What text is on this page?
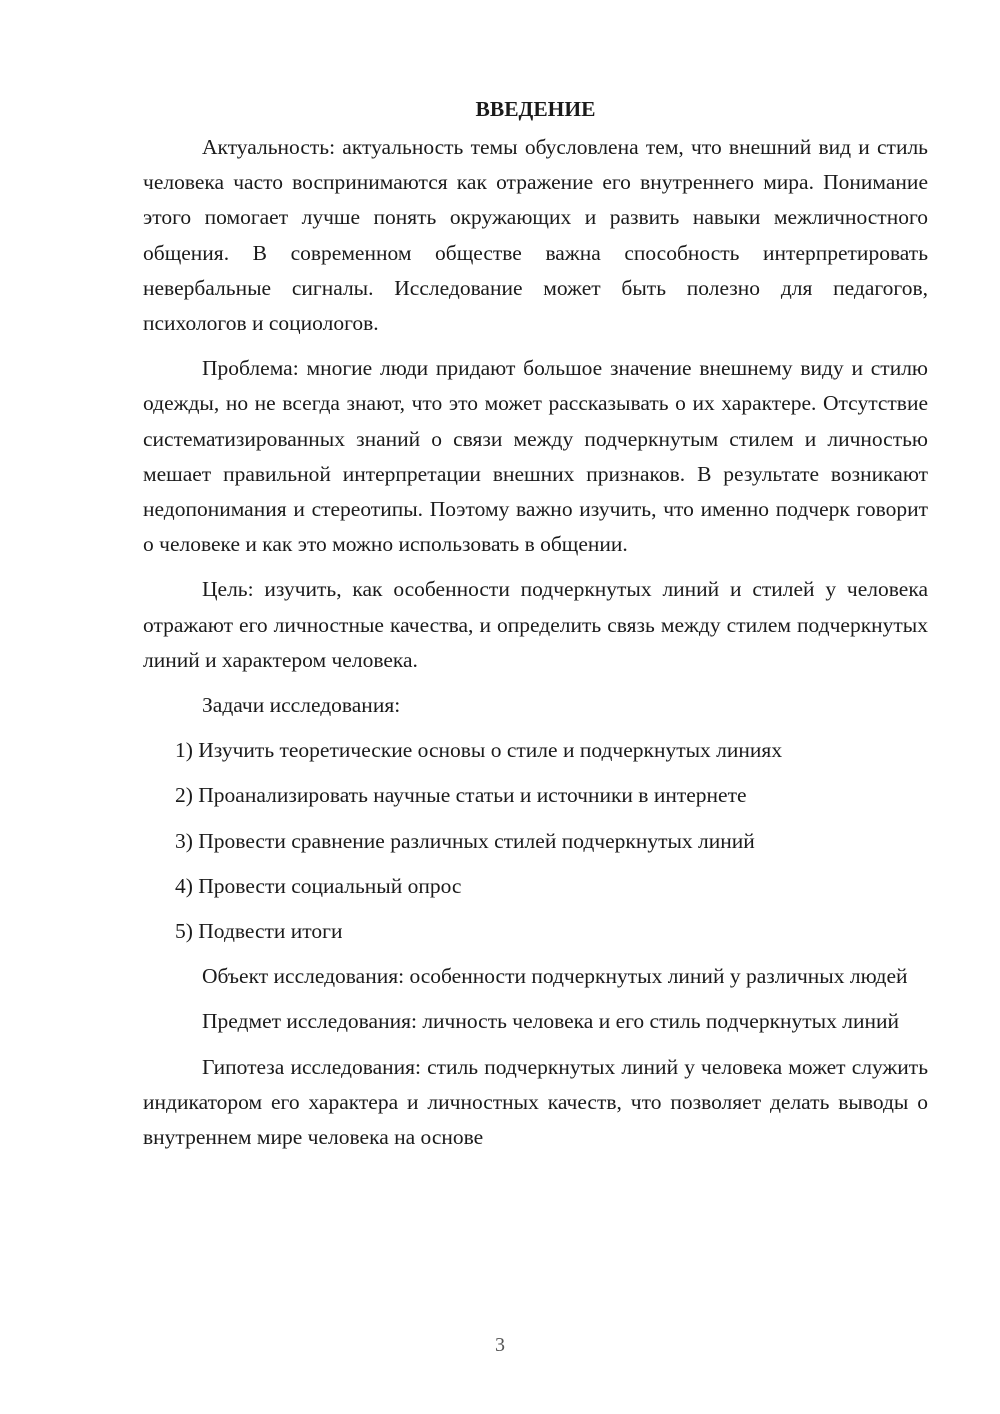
ВВЕДЕНИЕ

Актуальность: актуальность темы обусловлена тем, что внешний вид и стиль человека часто воспринимаются как отражение его внутреннего мира. Понимание этого помогает лучше понять окружающих и развить навыки межличностного общения. В современном обществе важна способность интерпретировать невербальные сигналы. Исследование может быть полезно для педагогов, психологов и социологов.

Проблема: многие люди придают большое значение внешнему виду и стилю одежды, но не всегда знают, что это может рассказывать о их характере. Отсутствие систематизированных знаний о связи между подчеркнутым стилем и личностью мешает правильной интерпретации внешних признаков. В результате возникают недопонимания и стереотипы. Поэтому важно изучить, что именно подчерк говорит о человеке и как это можно использовать в общении.

Цель: изучить, как особенности подчеркнутых линий и стилей у человека отражают его личностные качества, и определить связь между стилем подчеркнутых линий и характером человека.

Задачи исследования:

1) Изучить теоретические основы о стиле и подчеркнутых линиях
2) Проанализировать научные статьи и источники в интернете
3) Провести сравнение различных стилей подчеркнутых линий
4) Провести социальный опрос
5) Подвести итоги

Объект исследования: особенности подчеркнутых линий у различных людей

Предмет исследования: личность человека и его стиль подчеркнутых линий

Гипотеза исследования: стиль подчеркнутых линий у человека может служить индикатором его характера и личностных качеств, что позволяет делать выводы о внутреннем мире человека на основе

3
